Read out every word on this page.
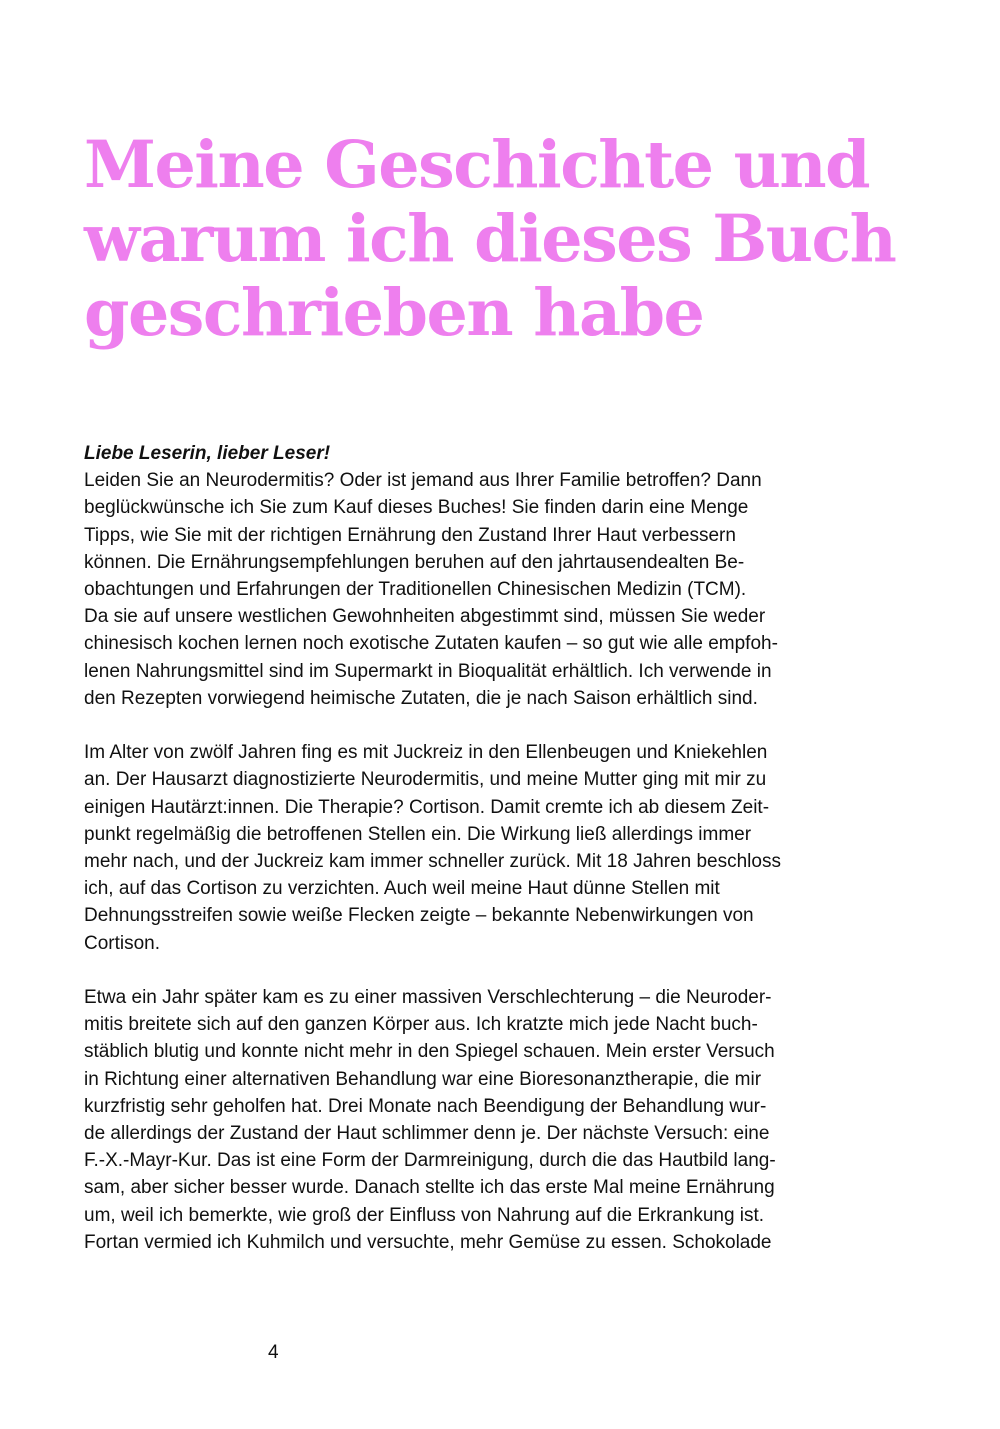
Meine Geschichte und
warum ich dieses Buch
geschrieben habe
Liebe Leserin, lieber Leser!
Leiden Sie an Neurodermitis? Oder ist jemand aus Ihrer Familie betroffen? Dann
beglückwünsche ich Sie zum Kauf dieses Buches! Sie finden darin eine Menge
Tipps, wie Sie mit der richtigen Ernährung den Zustand Ihrer Haut verbessern
können. Die Ernährungsempfehlungen beruhen auf den jahrtausendealten Be-
obachtungen und Erfahrungen der Traditionellen Chinesischen Medizin (TCM).
Da sie auf unsere westlichen Gewohnheiten abgestimmt sind, müssen Sie weder
chinesisch kochen lernen noch exotische Zutaten kaufen – so gut wie alle empfoh-
lenen Nahrungsmittel sind im Supermarkt in Bioqualität erhältlich. Ich verwende in
den Rezepten vorwiegend heimische Zutaten, die je nach Saison erhältlich sind.
Im Alter von zwölf Jahren fing es mit Juckreiz in den Ellenbeugen und Kniekehlen
an. Der Hausarzt diagnostizierte Neurodermitis, und meine Mutter ging mit mir zu
einigen Hautärzt:innen. Die Therapie? Cortison. Damit cremte ich ab diesem Zeit-
punkt regelmäßig die betroffenen Stellen ein. Die Wirkung ließ allerdings immer
mehr nach, und der Juckreiz kam immer schneller zurück. Mit 18 Jahren beschloss
ich, auf das Cortison zu verzichten. Auch weil meine Haut dünne Stellen mit
Dehnungsstreifen sowie weiße Flecken zeigte – bekannte Nebenwirkungen von
Cortison.
Etwa ein Jahr später kam es zu einer massiven Verschlechterung – die Neuroder-
mitis breitete sich auf den ganzen Körper aus. Ich kratzte mich jede Nacht buch-
stäblich blutig und konnte nicht mehr in den Spiegel schauen. Mein erster Versuch
in Richtung einer alternativen Behandlung war eine Bioresonanztherapie, die mir
kurzfristig sehr geholfen hat. Drei Monate nach Beendigung der Behandlung wur-
de allerdings der Zustand der Haut schlimmer denn je. Der nächste Versuch: eine
F.-X.-Mayr-Kur. Das ist eine Form der Darmreinigung, durch die das Hautbild lang-
sam, aber sicher besser wurde. Danach stellte ich das erste Mal meine Ernährung
um, weil ich bemerkte, wie groß der Einfluss von Nahrung auf die Erkrankung ist.
Fortan vermied ich Kuhmilch und versuchte, mehr Gemüse zu essen. Schokolade
4
